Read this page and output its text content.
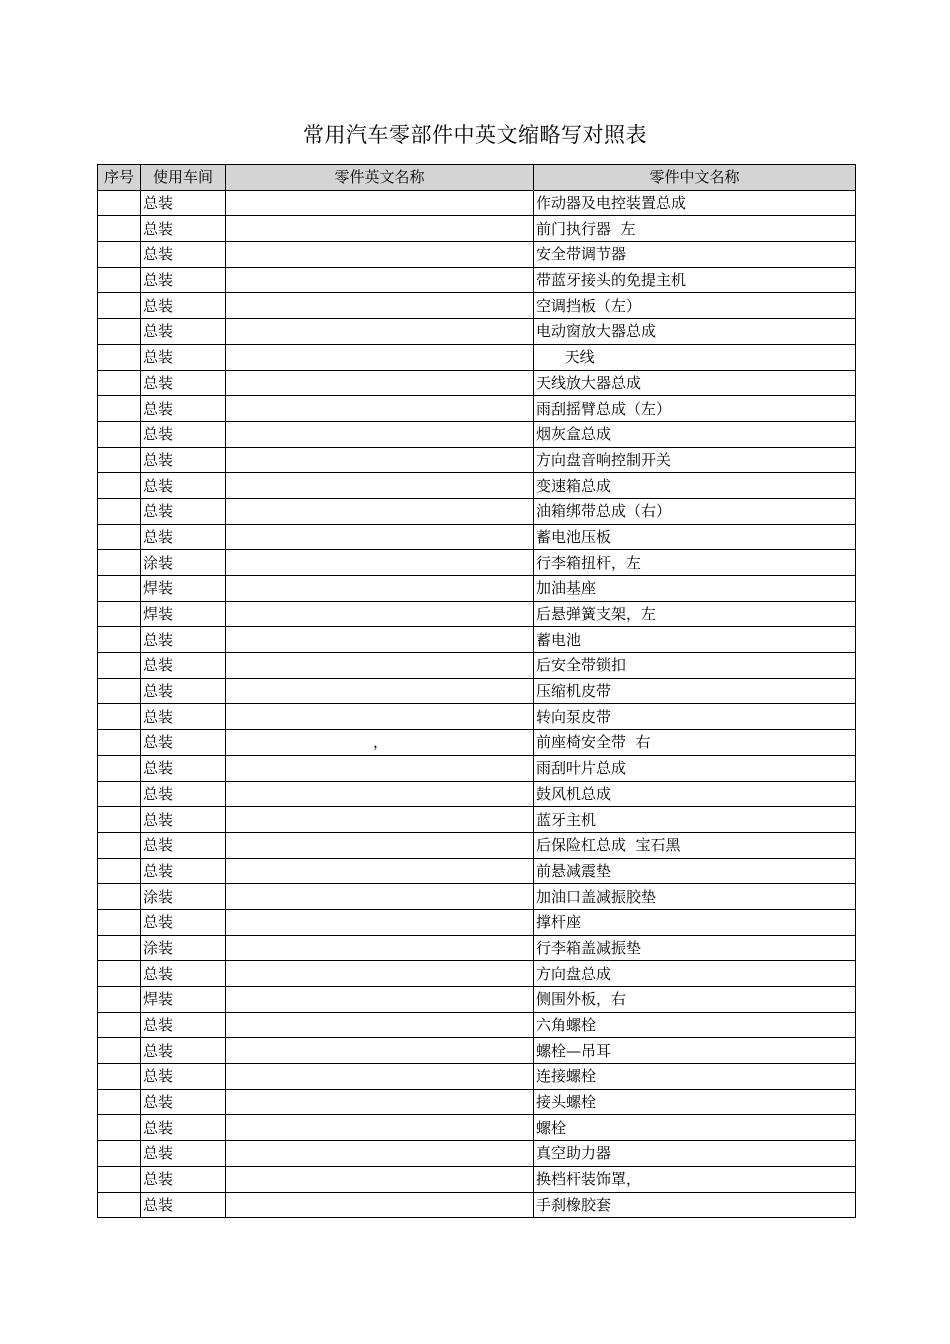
常用汽车零部件中英文缩略写对照表
序号	使用车间	零件英文名称	零件中文名称
	总装		作动器及电控装置总成
	总装		前门执行器  左
	总装		安全带调节器
	总装		带蓝牙接头的免提主机
	总装		空调挡板（左）
	总装		电动窗放大器总成
	总装		天线
	总装		天线放大器总成
	总装		雨刮摇臂总成（左）
	总装		烟灰盒总成
	总装		方向盘音响控制开关
	总装		变速箱总成
	总装		油箱绑带总成（右）
	总装		蓄电池压板
	涂装		行李箱扭杆，左
	焊装		加油基座
	焊装		后悬弹簧支架，左
	总装		蓄电池
	总装		后安全带锁扣
	总装		压缩机皮带
	总装		转向泵皮带
	总装	，	前座椅安全带  右
	总装		雨刮叶片总成
	总装		鼓风机总成
	总装		蓝牙主机
	总装		后保险杠总成  宝石黑
	总装		前悬减震垫
	涂装		加油口盖减振胶垫
	总装		撑杆座
	涂装		行李箱盖减振垫
	总装		方向盘总成
	焊装		侧围外板，右
	总装		六角螺栓
	总装		螺栓—吊耳
	总装		连接螺栓
	总装		接头螺栓
	总装		螺栓
	总装		真空助力器
	总装		换档杆装饰罩，
	总装		手刹橡胶套
